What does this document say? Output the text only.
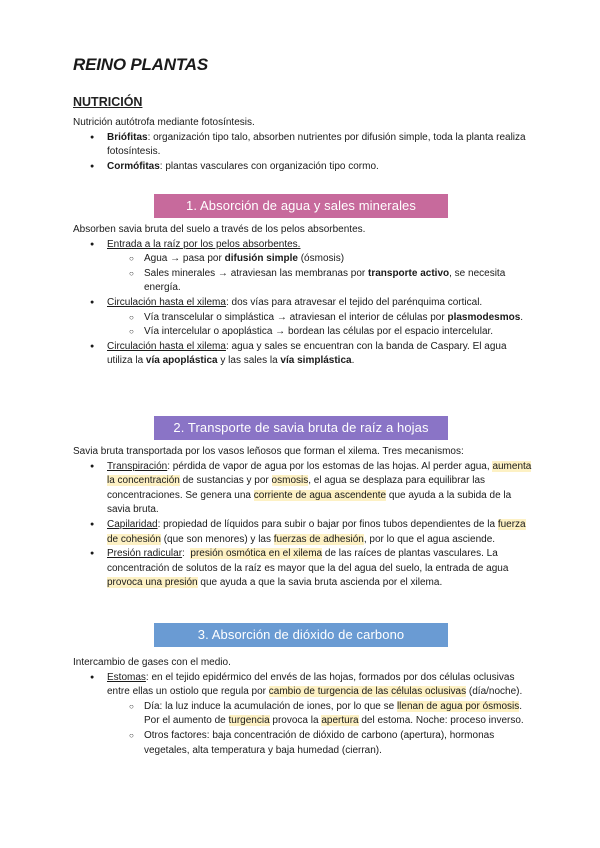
REINO PLANTAS
NUTRICIÓN

Nutrición autótrofa mediante fotosíntesis.

● Briófitas: organización tipo talo, absorben nutrientes por difusión simple, toda la planta realiza fotosíntesis.
● Cormófitas: plantas vasculares con organización tipo cormo.
1. Absorción de agua y sales minerales

Absorben savia bruta del suelo a través de los pelos absorbentes.

● Entrada a la raíz por los pelos absorbentes.
○ Agua → pasa por difusión simple (ósmosis)
○ Sales minerales → atraviesan las membranas por transporte activo, se necesita energía.
● Circulación hasta el xilema: dos vías para atravesar el tejido del parénquima cortical.
○ Vía transcelular o simplástica → atraviesan el interior de células por plasmodesmos.
○ Vía intercelular o apoplástica → bordean las células por el espacio intercelular.
● Circulación hasta el xilema: agua y sales se encuentran con la banda de Caspary. El agua utiliza la vía apoplástica y las sales la vía simplástica.
2. Transporte de savia bruta de raíz a hojas

Savia bruta transportada por los vasos leñosos que forman el xilema. Tres mecanismos:

● Transpiración: pérdida de vapor de agua por los estomas de las hojas. Al perder agua, aumenta la concentración de sustancias y por osmosis, el agua se desplaza para equilibrar las concentraciones. Se genera una corriente de agua ascendente que ayuda a la subida de la savia bruta.
● Capilaridad: propiedad de líquidos para subir o bajar por finos tubos dependientes de la fuerza de cohesión (que son menores) y las fuerzas de adhesión, por lo que el agua asciende.
● Presión radicular:  presión osmótica en el xilema de las raíces de plantas vasculares. La concentración de solutos de la raíz es mayor que la del agua del suelo, la entrada de agua provoca una presión que ayuda a que la savia bruta ascienda por el xilema.
3. Absorción de dióxido de carbono

Intercambio de gases con el medio.

● Estomas: en el tejido epidérmico del envés de las hojas, formados por dos células oclusivas entre ellas un ostiolo que regula por cambio de turgencia de las células oclusivas (día/noche).
○ Día: la luz induce la acumulación de iones, por lo que se llenan de agua por ósmosis. Por el aumento de turgencia provoca la apertura del estoma. Noche: proceso inverso.
○ Otros factores: baja concentración de dióxido de carbono (apertura), hormonas vegetales, alta temperatura y baja humedad (cierran).
